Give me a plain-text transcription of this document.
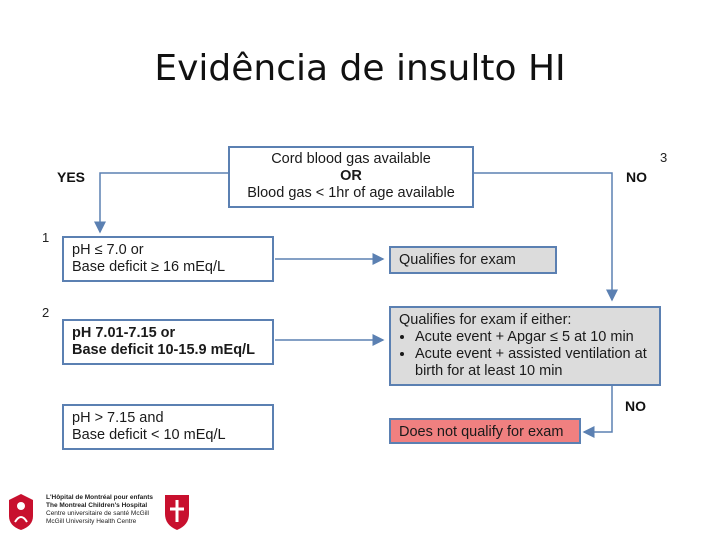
Evidência de insulto HI
3
Cord blood gas available
OR
Blood gas < 1hr of age available
YES	NO
1
2
pH ≤ 7.0 or
Base deficit ≥ 16 mEq/L
pH 7.01-7.15 or
Base deficit 10-15.9 mEq/L
pH > 7.15 and
Base deficit < 10 mEq/L
Qualifies for exam
Qualifies for exam if either:
• Acute event + Apgar ≤ 5 at 10 min
• Acute event + assisted ventilation at birth for at least 10 min
NO
Does not qualify for exam
L'Hôpital de Montréal pour enfants
The Montreal Children's Hospital
Centre universitaire de santé McGill
McGill University Health Centre
